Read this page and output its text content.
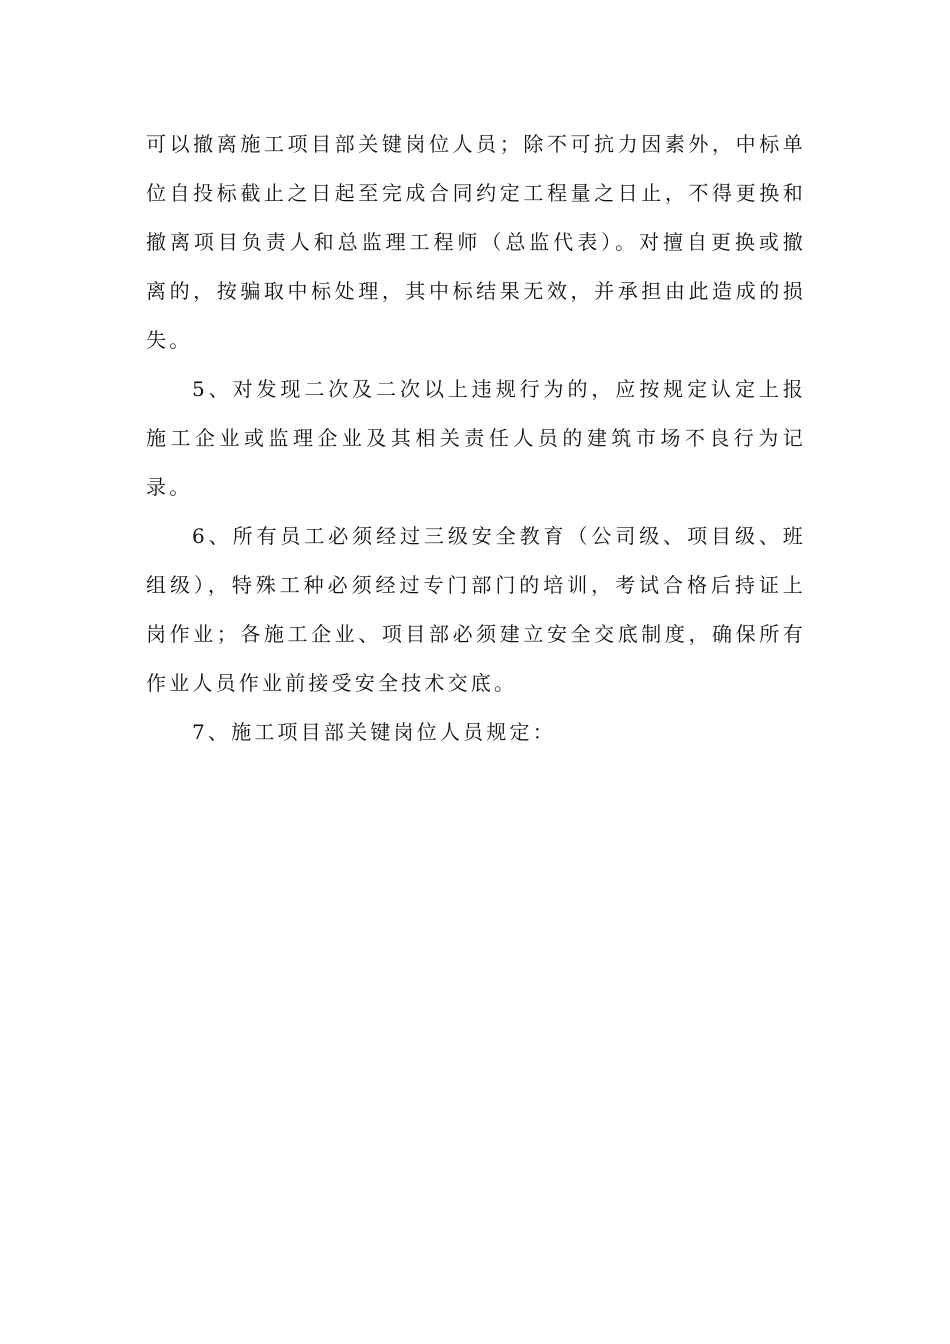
可以撤离施工项目部关键岗位人员；除不可抗力因素外，中标单位自投标截止之日起至完成合同约定工程量之日止，不得更换和撤离项目负责人和总监理工程师（总监代表）。对擅自更换或撤离的，按骗取中标处理，其中标结果无效，并承担由此造成的损失。

5、对发现二次及二次以上违规行为的，应按规定认定上报施工企业或监理企业及其相关责任人员的建筑市场不良行为记录。

6、所有员工必须经过三级安全教育（公司级、项目级、班组级），特殊工种必须经过专门部门的培训，考试合格后持证上岗作业；各施工企业、项目部必须建立安全交底制度，确保所有作业人员作业前接受安全技术交底。

7、施工项目部关键岗位人员规定：
